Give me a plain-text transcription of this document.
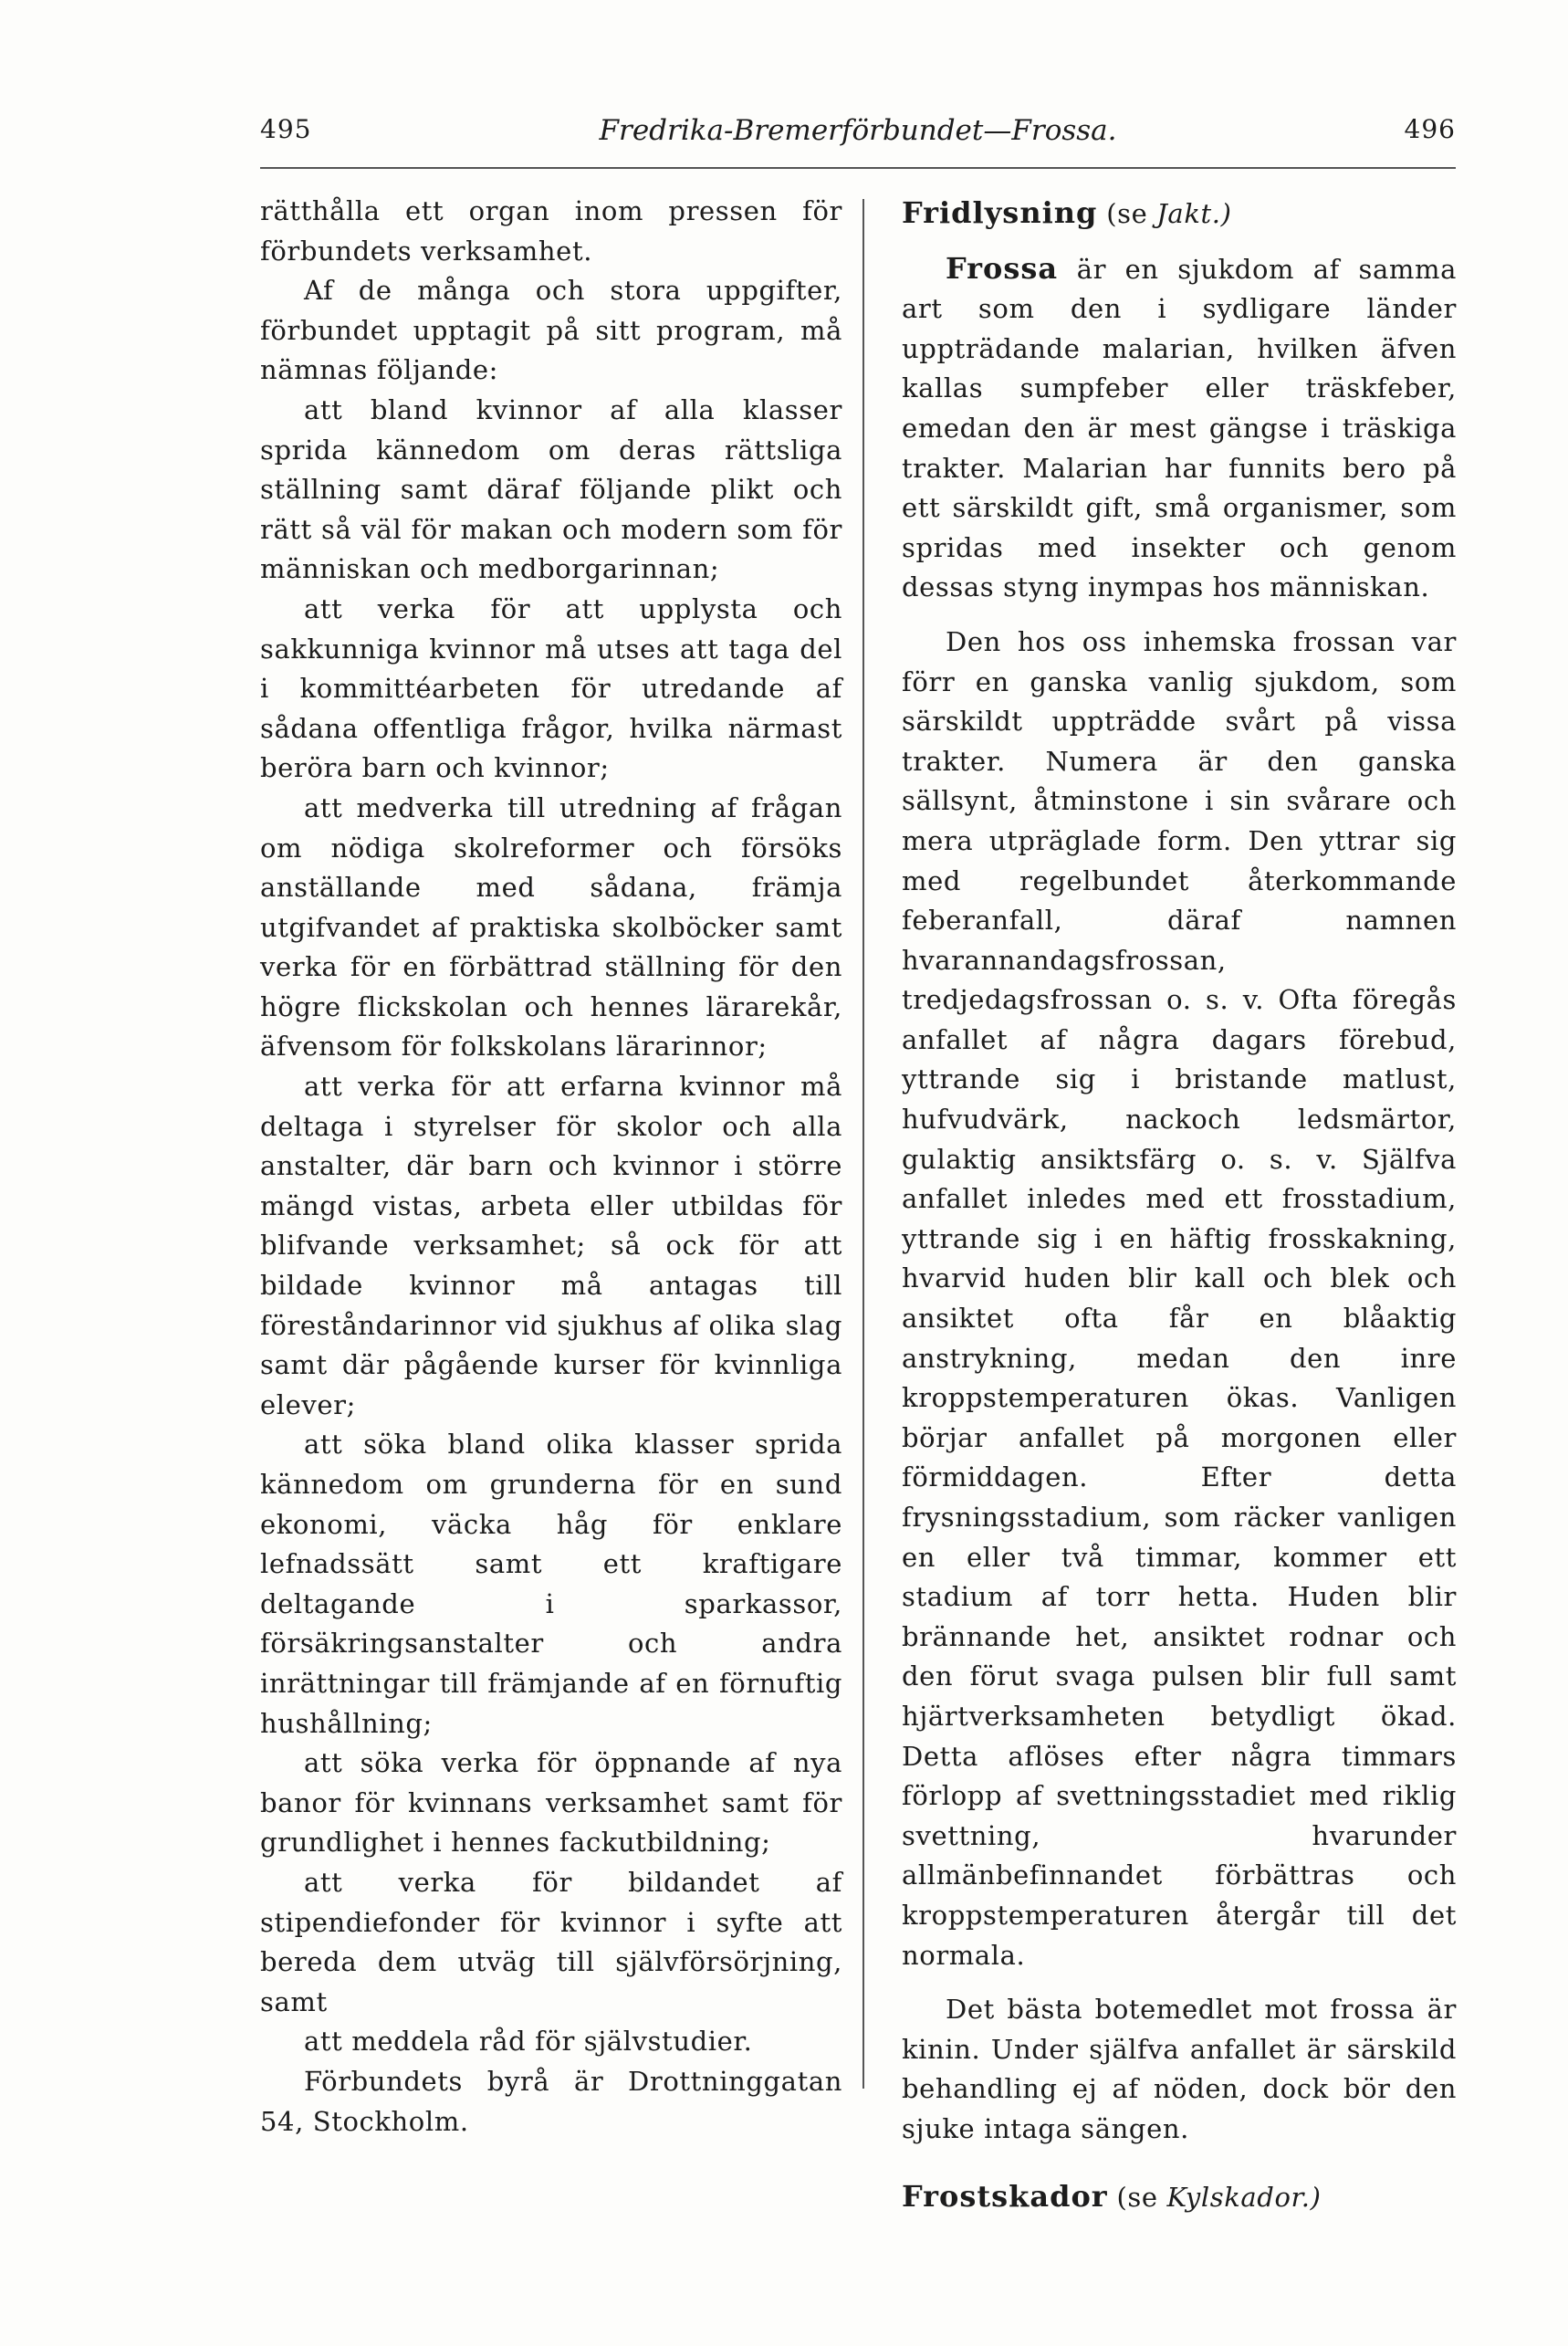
495	Fredrika-Bremerförbundet—Frossa.	496

rätthålla ett organ inom pressen för förbundets verksamhet.

Af de många och stora uppgifter, förbundet upptagit på sitt program, må nämnas följande:

att bland kvinnor af alla klasser sprida kännedom om deras rättsliga ställning samt däraf följande plikt och rätt så väl för makan och modern som för människan och medborgarinnan;

att verka för att upplysta och sakkunniga kvinnor må utses att taga del i kommittéarbeten för utredande af sådana offentliga frågor, hvilka närmast beröra barn och kvinnor;

att medverka till utredning af frågan om nödiga skolreformer och försöks anställande med sådana, främja utgifvandet af praktiska skolböcker samt verka för en förbättrad ställning för den högre flickskolan och hennes lärarekår, äfvensom för folkskolans lärarinnor;

att verka för att erfarna kvinnor må deltaga i styrelser för skolor och alla anstalter, där barn och kvinnor i större mängd vistas, arbeta eller utbildas för blifvande verksamhet; så ock för att bildade kvinnor må antagas till föreståndarinnor vid sjukhus af olika slag samt där pågående kurser för kvinnliga elever;

att söka bland olika klasser sprida kännedom om grunderna för en sund ekonomi, väcka håg för enklare lefnadssätt samt ett kraftigare deltagande i sparkassor, försäkringsanstalter och andra inrättningar till främjande af en förnuftig hushållning;

att söka verka för öppnande af nya banor för kvinnans verksamhet samt för grundlighet i hennes fackutbildning;

att verka för bildandet af stipendiefonder för kvinnor i syfte att bereda dem utväg till självförsörjning, samt

att meddela råd för självstudier.

Förbundets byrå är Drottninggatan 54, Stockholm.

Fridlysning (se Jakt.)

Frossa är en sjukdom af samma art som den i sydligare länder uppträdande malarian, hvilken äfven kallas sumpfeber eller träskfeber, emedan den är mest gängse i träskiga trakter. Malarian har funnits bero på ett särskildt gift, små organismer, som spridas med insekter och genom dessas styng inympas hos människan.

Den hos oss inhemska frossan var förr en ganska vanlig sjukdom, som särskildt uppträdde svårt på vissa trakter. Numera är den ganska sällsynt, åtminstone i sin svårare och mera utpräglade form. Den yttrar sig med regelbundet återkommande feberanfall, däraf namnen hvarannandagsfrossan, tredjedagsfrossan o. s. v. Ofta föregås anfallet af några dagars förebud, yttrande sig i bristande matlust, hufvudvärk, nackoch ledsmärtor, gulaktig ansiktsfärg o. s. v. Själfva anfallet inledes med ett frosstadium, yttrande sig i en häftig frosskakning, hvarvid huden blir kall och blek och ansiktet ofta får en blåaktig anstrykning, medan den inre kroppstemperaturen ökas. Vanligen börjar anfallet på morgonen eller förmiddagen. Efter detta frysningsstadium, som räcker vanligen en eller två timmar, kommer ett stadium af torr hetta. Huden blir brännande het, ansiktet rodnar och den förut svaga pulsen blir full samt hjärtverksamheten betydligt ökad. Detta aflöses efter några timmars förlopp af svettningsstadiet med riklig svettning, hvarunder allmänbefinnandet förbättras och kroppstemperaturen återgår till det normala.

Det bästa botemedlet mot frossa är kinin. Under själfva anfallet är särskild behandling ej af nöden, dock bör den sjuke intaga sängen.

Frostskador (se Kylskador.)
